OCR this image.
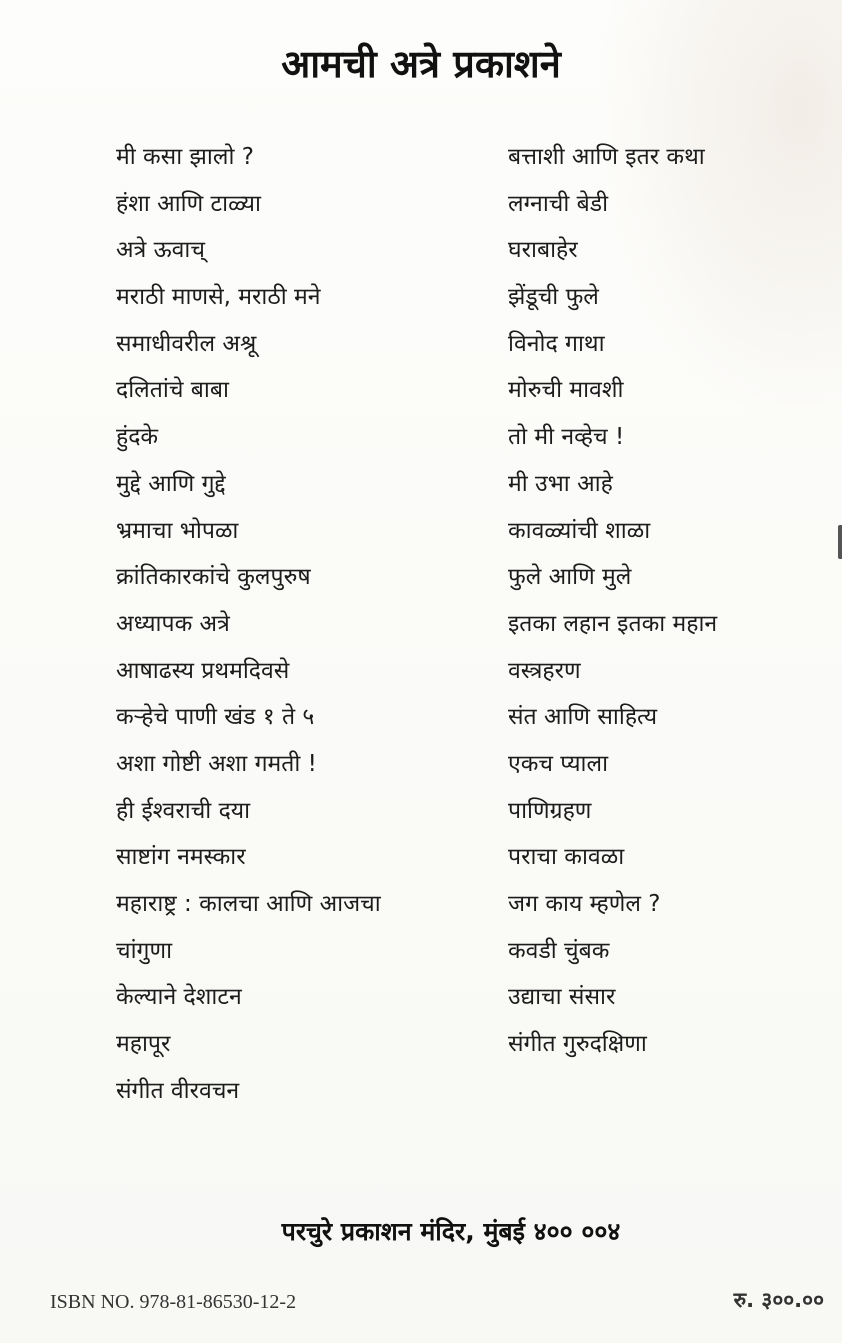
आमची अत्रे प्रकाशने
मी कसा झालो ?
हंशा आणि टाळ्या
अत्रे ऊवाच्
मराठी माणसे, मराठी मने
समाधीवरील अश्रू
दलितांचे बाबा
हुंदके
मुद्दे आणि गुद्दे
भ्रमाचा भोपळा
क्रांतिकारकांचे कुलपुरुष
अध्यापक अत्रे
आषाढस्य प्रथमदिवसे
कऱ्हेचे पाणी खंड १ ते ५
अशा गोष्टी अशा गमती !
ही ईश्वराची दया
साष्टांग नमस्कार
महाराष्ट्र : कालचा आणि आजचा
चांगुणा
केल्याने देशाटन
महापूर
संगीत वीरवचन
बत्ताशी आणि इतर कथा
लग्नाची बेडी
घराबाहेर
झेंडूची फुले
विनोद गाथा
मोरुची मावशी
तो मी नव्हेच !
मी उभा आहे
कावळ्यांची शाळा
फुले आणि मुले
इतका लहान इतका महान
वस्त्रहरण
संत आणि साहित्य
एकच प्याला
पाणिग्रहण
पराचा कावळा
जग काय म्हणेल ?
कवडी चुंबक
उद्याचा संसार
संगीत गुरुदक्षिणा
परचुरे प्रकाशन मंदिर, मुंबई ४०० ००४
ISBN NO. 978-81-86530-12-2	रु. ३००.००
